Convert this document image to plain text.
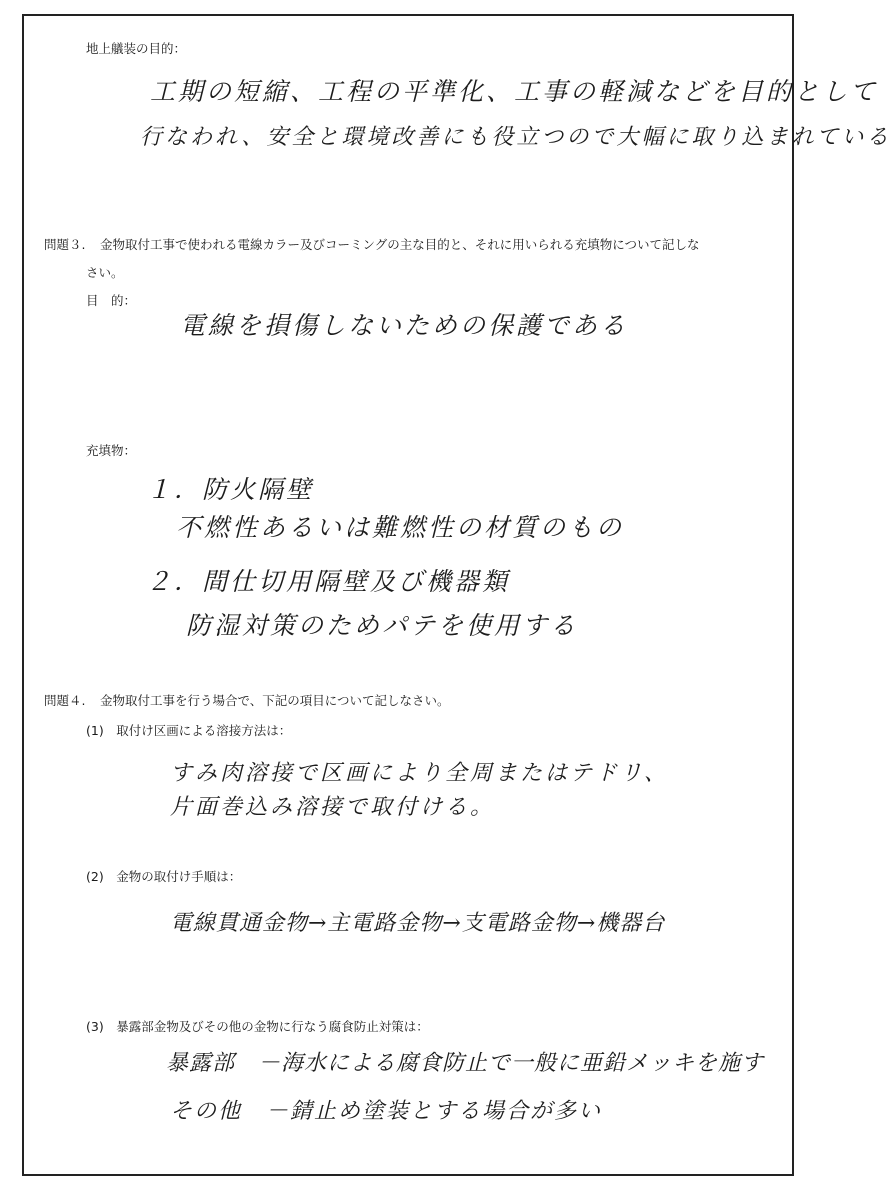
地上艤装の目的：
工期の短縮、工程の平準化、工事の軽減などを目的として
行なわれ、安全と環境改善にも役立つので大幅に取り込まれている
問題３. 金物取付工事で使われる電線カラー及びコーミングの主な目的と、それに用いられる充填物について記しな
さい。
目　的：
電線を損傷しないための保護である
充填物：
１．防火隔壁
不燃性あるいは難燃性の材質のもの
２．間仕切用隔壁及び機器類
防湿対策のためパテを使用する
問題４. 金物取付工事を行う場合で、下記の項目について記しなさい。
(1)　取付け区画による溶接方法は：
すみ肉溶接で区画により全周またはテドリ、
片面巻込み溶接で取付ける。
(2)　金物の取付け手順は：
電線貫通金物→主電路金物→支電路金物→機器台
(3)　暴露部金物及びその他の金物に行なう腐食防止対策は：
暴露部　－海水による腐食防止で一般に亜鉛メッキを施す
その他　－錆止め塗装とする場合が多い
